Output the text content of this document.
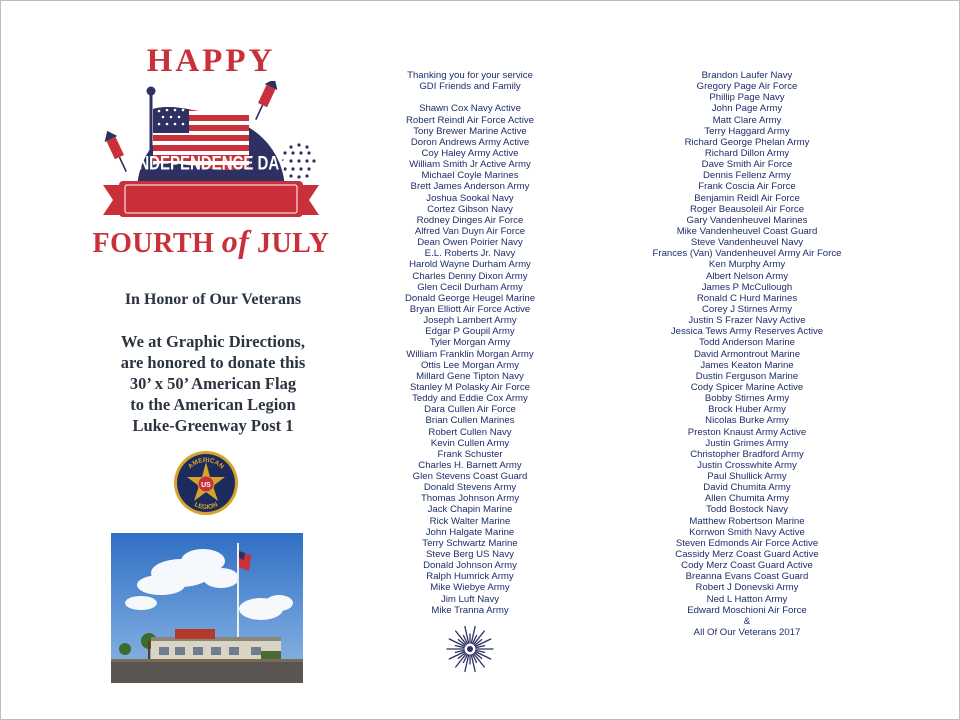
HAPPY
INDEPENDENCE DAY
FOURTH of JULY
In Honor of Our Veterans
We at Graphic Directions,
are honored to donate this
30’ x 50’ American Flag
to the American Legion
Luke-Greenway Post 1
AMERICAN
LEGION
US
Thanking you for your service
GDI Friends and Family
Shawn Cox Navy Active
Robert Reindl Air Force Active
Tony Brewer Marine Active
Doron Andrews Army Active
Coy Haley Army Active
William Smith Jr Active Army
Michael Coyle Marines
Brett James Anderson Army
Joshua Sookal Navy
Cortez Gibson Navy
Rodney Dinges Air Force
Alfred Van Duyn Air Force
Dean Owen Poirier Navy
E.L. Roberts Jr. Navy
Harold Wayne Durham Army
Charles Denny Dixon Army
Glen Cecil Durham Army
Donald George Heugel Marine
Bryan Elliott Air Force Active
Joseph Lambert Army
Edgar P Goupil Army
Tyler Morgan Army
William Franklin Morgan Army
Ottis Lee Morgan Army
Millard Gene Tipton Navy
Stanley M Polasky Air Force
Teddy and Eddie Cox Army
Dara Cullen Air Force
Brian Cullen Marines
Robert Cullen Navy
Kevin Cullen Army
Frank Schuster
Charles H. Barnett Army
Glen Stevens Coast Guard
Donald Stevens Army
Thomas Johnson Army
Jack Chapin Marine
Rick Walter Marine
John Halgate Marine
Terry Schwartz Marine
Steve Berg US Navy
Donald Johnson Army
Ralph Humrick Army
Mike Wiebye Army
Jim Luft Navy
Mike Tranna Army
Brandon Laufer Navy
Gregory Page Air Force
Phillip Page Navy
John Page Army
Matt Clare Army
Terry Haggard Army
Richard George Phelan Army
Richard Dillon Army
Dave Smith Air Force
Dennis Fellenz Army
Frank Coscia Air Force
Benjamin Reidl Air Force
Roger Beausoleil Air Force
Gary Vandenheuvel Marines
Mike Vandenheuvel Coast Guard
Steve Vandenheuvel Navy
Frances (Van) Vandenheuvel Army Air Force
Ken Murphy Army
Albert Nelson Army
James P McCullough
Ronald C Hurd Marines
Corey J Stirnes Army
Justin S Frazer Navy Active
Jessica Tews Army Reserves Active
Todd Anderson Marine
David Armontrout Marine
James Keaton Marine
Dustin Ferguson Marine
Cody Spicer Marine Active
Bobby Stirnes Army
Brock Huber Army
Nicolas Burke Army
Preston Knaust Army Active
Justin Grimes Army
Christopher Bradford Army
Justin Crosswhite Army
Paul Shullick Army
David Chumita Army
Allen Chumita Army
Todd Bostock Navy
Matthew Robertson Marine
Korrwon Smith Navy Active
Steven Edmonds Air Force Active
Cassidy Merz Coast Guard Active
Cody Merz Coast Guard Active
Breanna Evans Coast Guard
Robert J Donevski Army
Ned L Hatton Army
Edward Moschioni Air Force
&
All Of Our Veterans 2017
